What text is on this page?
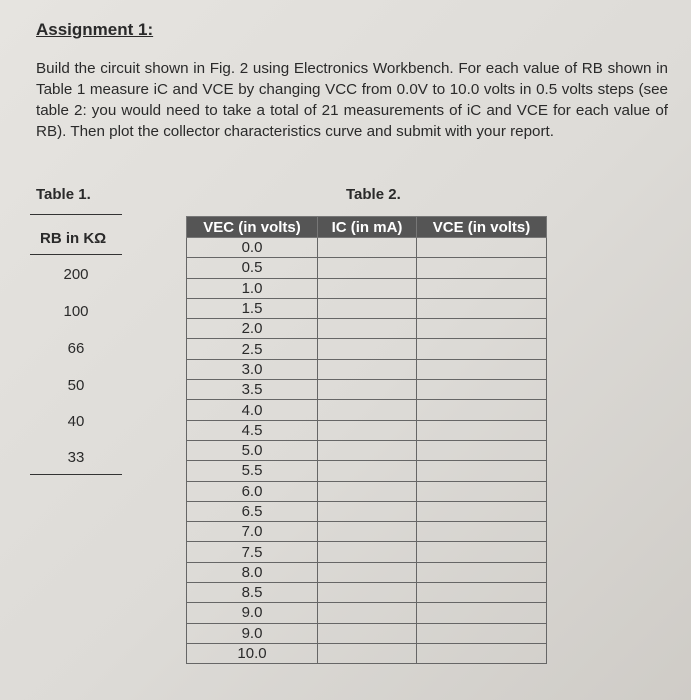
Assignment 1:
Build the circuit shown in Fig. 2 using Electronics Workbench. For each value of RB shown in Table 1 measure iC and VCE by changing VCC from 0.0V to 10.0 volts in 0.5 volts steps (see table 2: you would need to take a total of 21 measurements of iC and VCE for each value of RB). Then plot the collector characteristics curve and submit with your report.
Table 1.	Table 2.
RB in KΩ
200
100
66
50
40
33
VEC (in volts)	IC (in mA)	VCE (in volts)
0.0		
0.5		
1.0		
1.5		
2.0		
2.5		
3.0		
3.5		
4.0		
4.5		
5.0		
5.5		
6.0		
6.5		
7.0		
7.5		
8.0		
8.5		
9.0		
9.0		
10.0		
